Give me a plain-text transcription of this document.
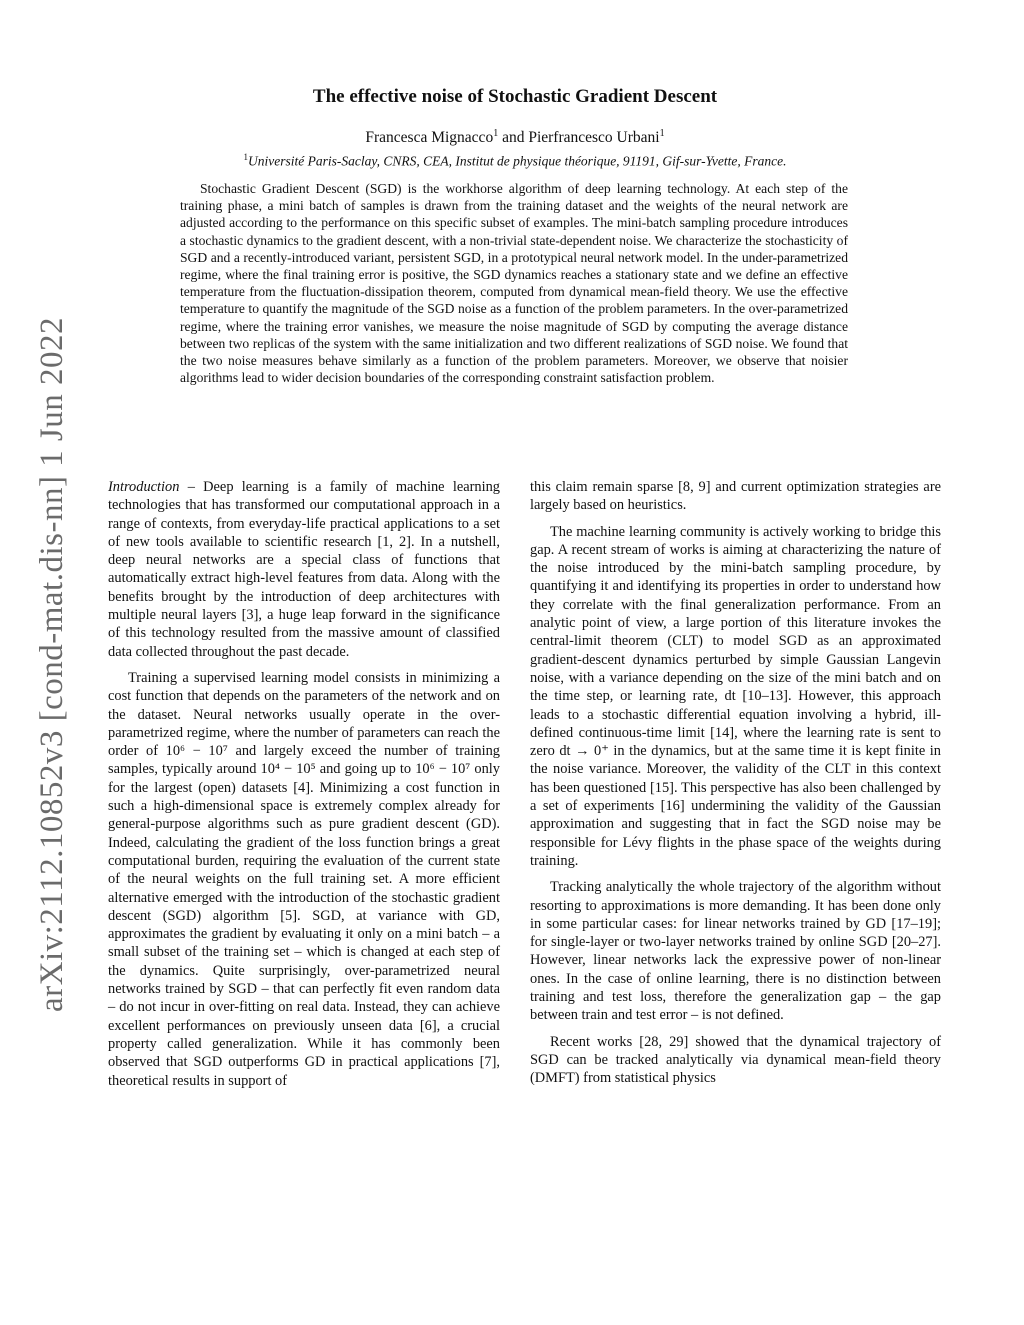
arXiv:2112.10852v3 [cond-mat.dis-nn] 1 Jun 2022
The effective noise of Stochastic Gradient Descent
Francesca Mignacco$^1$ and Pierfrancesco Urbani$^1$
$^1$Université Paris-Saclay, CNRS, CEA, Institut de physique théorique, 91191, Gif-sur-Yvette, France.

Stochastic Gradient Descent (SGD) is the workhorse algorithm of deep learning technology. At each step of the training phase, a mini batch of samples is drawn from the training dataset and the weights of the neural network are adjusted according to the performance on this specific subset of examples. The mini-batch sampling procedure introduces a stochastic dynamics to the gradient descent, with a non-trivial state-dependent noise. We characterize the stochasticity of SGD and a recently-introduced variant, persistent SGD, in a prototypical neural network model. In the under-parametrized regime, where the final training error is positive, the SGD dynamics reaches a stationary state and we define an effective temperature from the fluctuation-dissipation theorem, computed from dynamical mean-field theory. We use the effective temperature to quantify the magnitude of the SGD noise as a function of the problem parameters. In the over-parametrized regime, where the training error vanishes, we measure the noise magnitude of SGD by computing the average distance between two replicas of the system with the same initialization and two different realizations of SGD noise. We found that the two noise measures behave similarly as a function of the problem parameters. Moreover, we observe that noisier algorithms lead to wider decision boundaries of the corresponding constraint satisfaction problem.

Introduction – Deep learning is a family of machine learning technologies that has transformed our computational approach in a range of contexts, from everyday-life practical applications to a set of new tools available to scientific research [1, 2]. In a nutshell, deep neural networks are a special class of functions that automatically extract high-level features from data. Along with the benefits brought by the introduction of deep architectures with multiple neural layers [3], a huge leap forward in the significance of this technology resulted from the massive amount of classified data collected throughout the past decade.

Training a supervised learning model consists in minimizing a cost function that depends on the parameters of the network and on the dataset. Neural networks usually operate in the over-parametrized regime, where the number of parameters can reach the order of 10⁶ − 10⁷ and largely exceed the number of training samples, typically around 10⁴ − 10⁵ and going up to 10⁶ − 10⁷ only for the largest (open) datasets [4]. Minimizing a cost function in such a high-dimensional space is extremely complex already for general-purpose algorithms such as pure gradient descent (GD). Indeed, calculating the gradient of the loss function brings a great computational burden, requiring the evaluation of the current state of the neural weights on the full training set. A more efficient alternative emerged with the introduction of the stochastic gradient descent (SGD) algorithm [5]. SGD, at variance with GD, approximates the gradient by evaluating it only on a mini batch – a small subset of the training set – which is changed at each step of the dynamics. Quite surprisingly, over-parametrized neural networks trained by SGD – that can perfectly fit even random data – do not incur in over-fitting on real data. Instead, they can achieve excellent performances on previously unseen data [6], a crucial property called generalization. While it has commonly been observed that SGD outperforms GD in practical applications [7], theoretical results in support of

this claim remain sparse [8, 9] and current optimization strategies are largely based on heuristics.

The machine learning community is actively working to bridge this gap. A recent stream of works is aiming at characterizing the nature of the noise introduced by the mini-batch sampling procedure, by quantifying it and identifying its properties in order to understand how they correlate with the final generalization performance. From an analytic point of view, a large portion of this literature invokes the central-limit theorem (CLT) to model SGD as an approximated gradient-descent dynamics perturbed by simple Gaussian Langevin noise, with a variance depending on the size of the mini batch and on the time step, or learning rate, dt [10–13]. However, this approach leads to a stochastic differential equation involving a hybrid, ill-defined continuous-time limit [14], where the learning rate is sent to zero dt → 0⁺ in the dynamics, but at the same time it is kept finite in the noise variance. Moreover, the validity of the CLT in this context has been questioned [15]. This perspective has also been challenged by a set of experiments [16] undermining the validity of the Gaussian approximation and suggesting that in fact the SGD noise may be responsible for Lévy flights in the phase space of the weights during training.

Tracking analytically the whole trajectory of the algorithm without resorting to approximations is more demanding. It has been done only in some particular cases: for linear networks trained by GD [17–19]; for single-layer or two-layer networks trained by online SGD [20–27]. However, linear networks lack the expressive power of non-linear ones. In the case of online learning, there is no distinction between training and test loss, therefore the generalization gap – the gap between train and test error – is not defined.

Recent works [28, 29] showed that the dynamical trajectory of SGD can be tracked analytically via dynamical mean-field theory (DMFT) from statistical physics
